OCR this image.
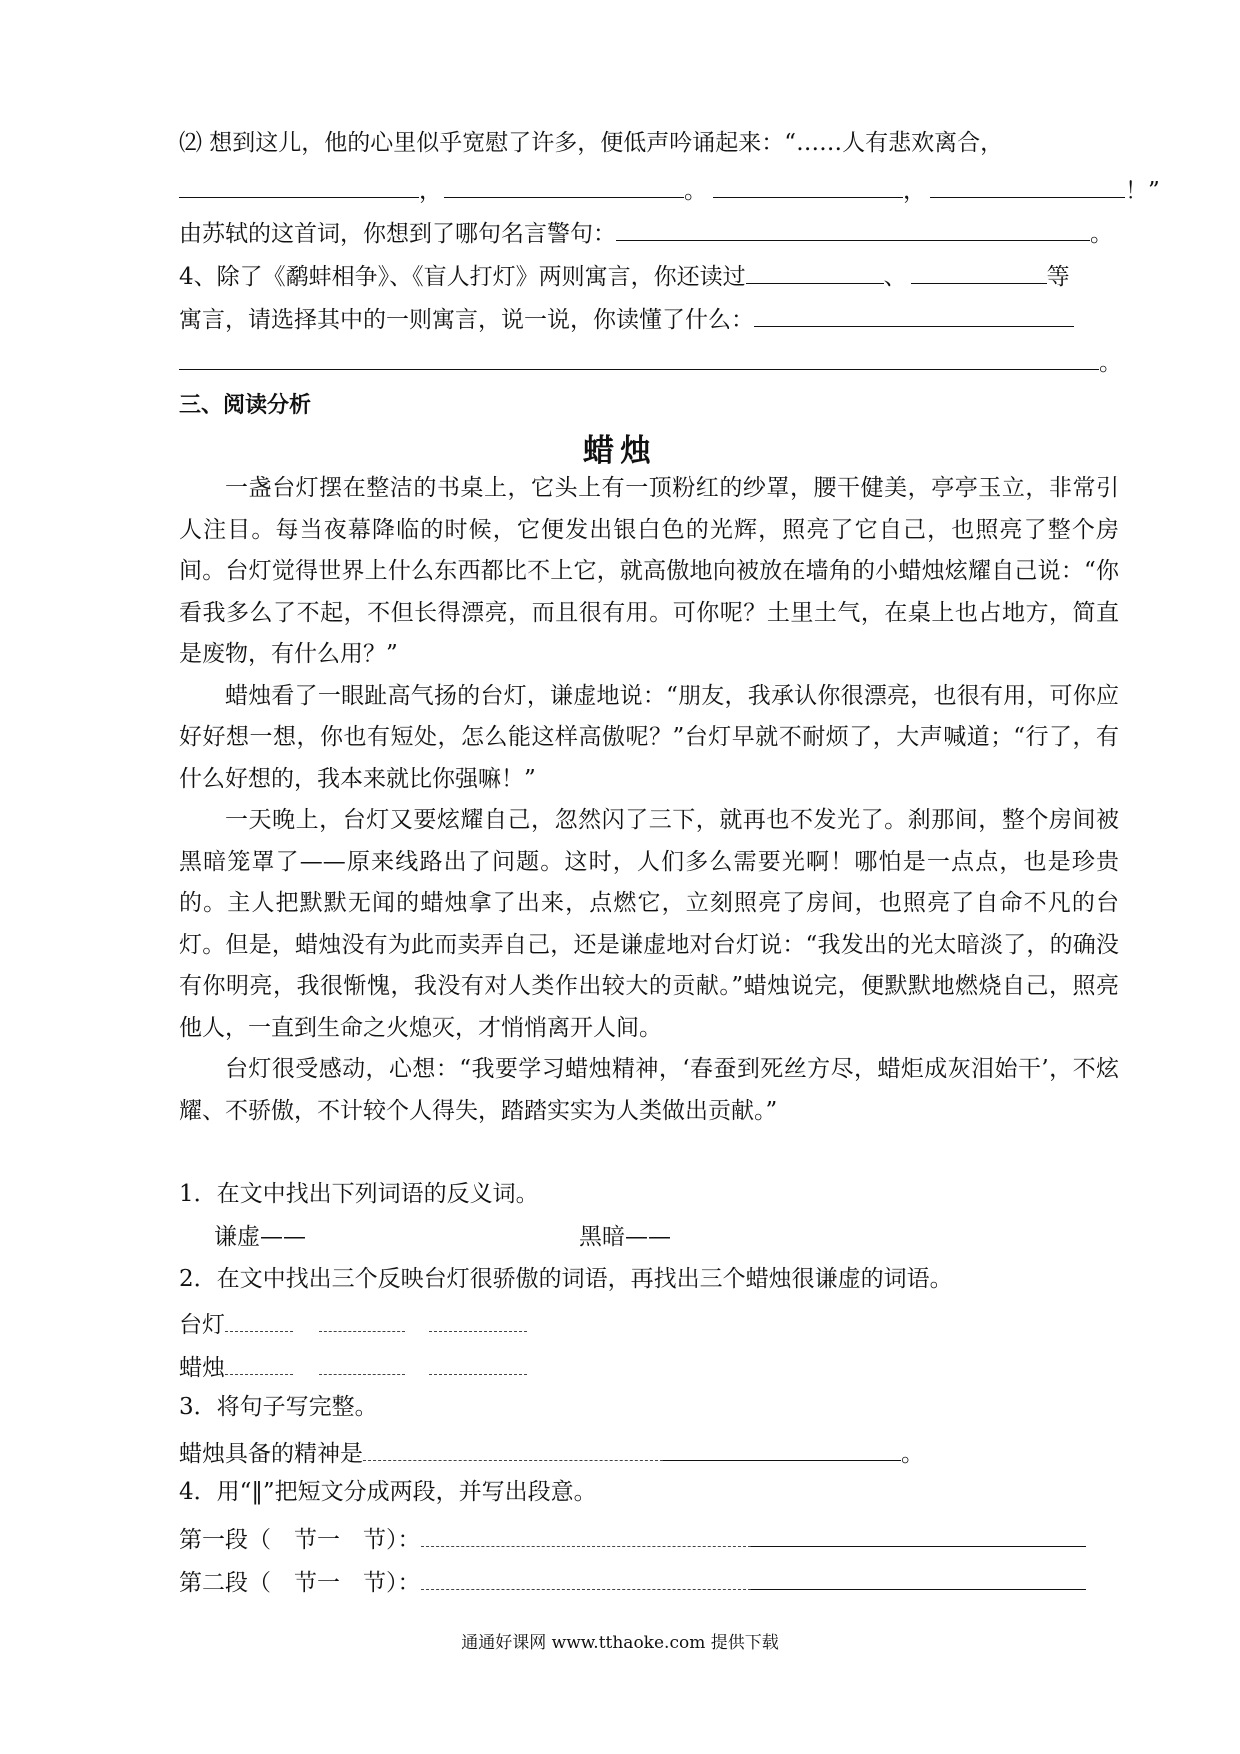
⑵ 想到这儿，他的心里似乎宽慰了许多，便低声吟诵起来：“……人有悲欢离合，
，	。	，	！”
由苏轼的这首词，你想到了哪句名言警句：	。
4、除了《鹬蚌相争》、《盲人打灯》两则寓言，你还读过	、	等
寓言，请选择其中的一则寓言，说一说，你读懂了什么：
。
三、阅读分析
蜡烛

一盏台灯摆在整洁的书桌上，它头上有一顶粉红的纱罩，腰干健美，亭亭玉立，非常引人注目。每当夜幕降临的时候，它便发出银白色的光辉，照亮了它自己，也照亮了整个房间。台灯觉得世界上什么东西都比不上它，就高傲地向被放在墙角的小蜡烛炫耀自己说：“你看我多么了不起，不但长得漂亮，而且很有用。可你呢？土里土气，在桌上也占地方，简直是废物，有什么用？”

蜡烛看了一眼趾高气扬的台灯，谦虚地说：“朋友，我承认你很漂亮，也很有用，可你应好好想一想，你也有短处，怎么能这样高傲呢？”台灯早就不耐烦了，大声喊道；“行了，有什么好想的，我本来就比你强嘛！”

一天晚上，台灯又要炫耀自己，忽然闪了三下，就再也不发光了。刹那间，整个房间被黑暗笼罩了——原来线路出了问题。这时，人们多么需要光啊！哪怕是一点点，也是珍贵的。主人把默默无闻的蜡烛拿了出来，点燃它，立刻照亮了房间，也照亮了自命不凡的台灯。但是，蜡烛没有为此而卖弄自己，还是谦虚地对台灯说：“我发出的光太暗淡了，的确没有你明亮，我很惭愧，我没有对人类作出较大的贡献。”蜡烛说完，便默默地燃烧自己，照亮他人，一直到生命之火熄灭，才悄悄离开人间。

台灯很受感动，心想：“我要学习蜡烛精神，‘春蚕到死丝方尽，蜡炬成灰泪始干’，不炫耀、不骄傲，不计较个人得失，踏踏实实为人类做出贡献。”

1．在文中找出下列词语的反义词。
谦虚——	黑暗——
2．在文中找出三个反映台灯很骄傲的词语，再找出三个蜡烛很谦虚的词语。
台灯
蜡烛
3．将句子写完整。
蜡烛具备的精神是	。
4．用“‖”把短文分成两段，并写出段意。
第一段（　节一　节）：
第二段（　节一　节）：
通通好课网 www.tthaoke.com 提供下载
